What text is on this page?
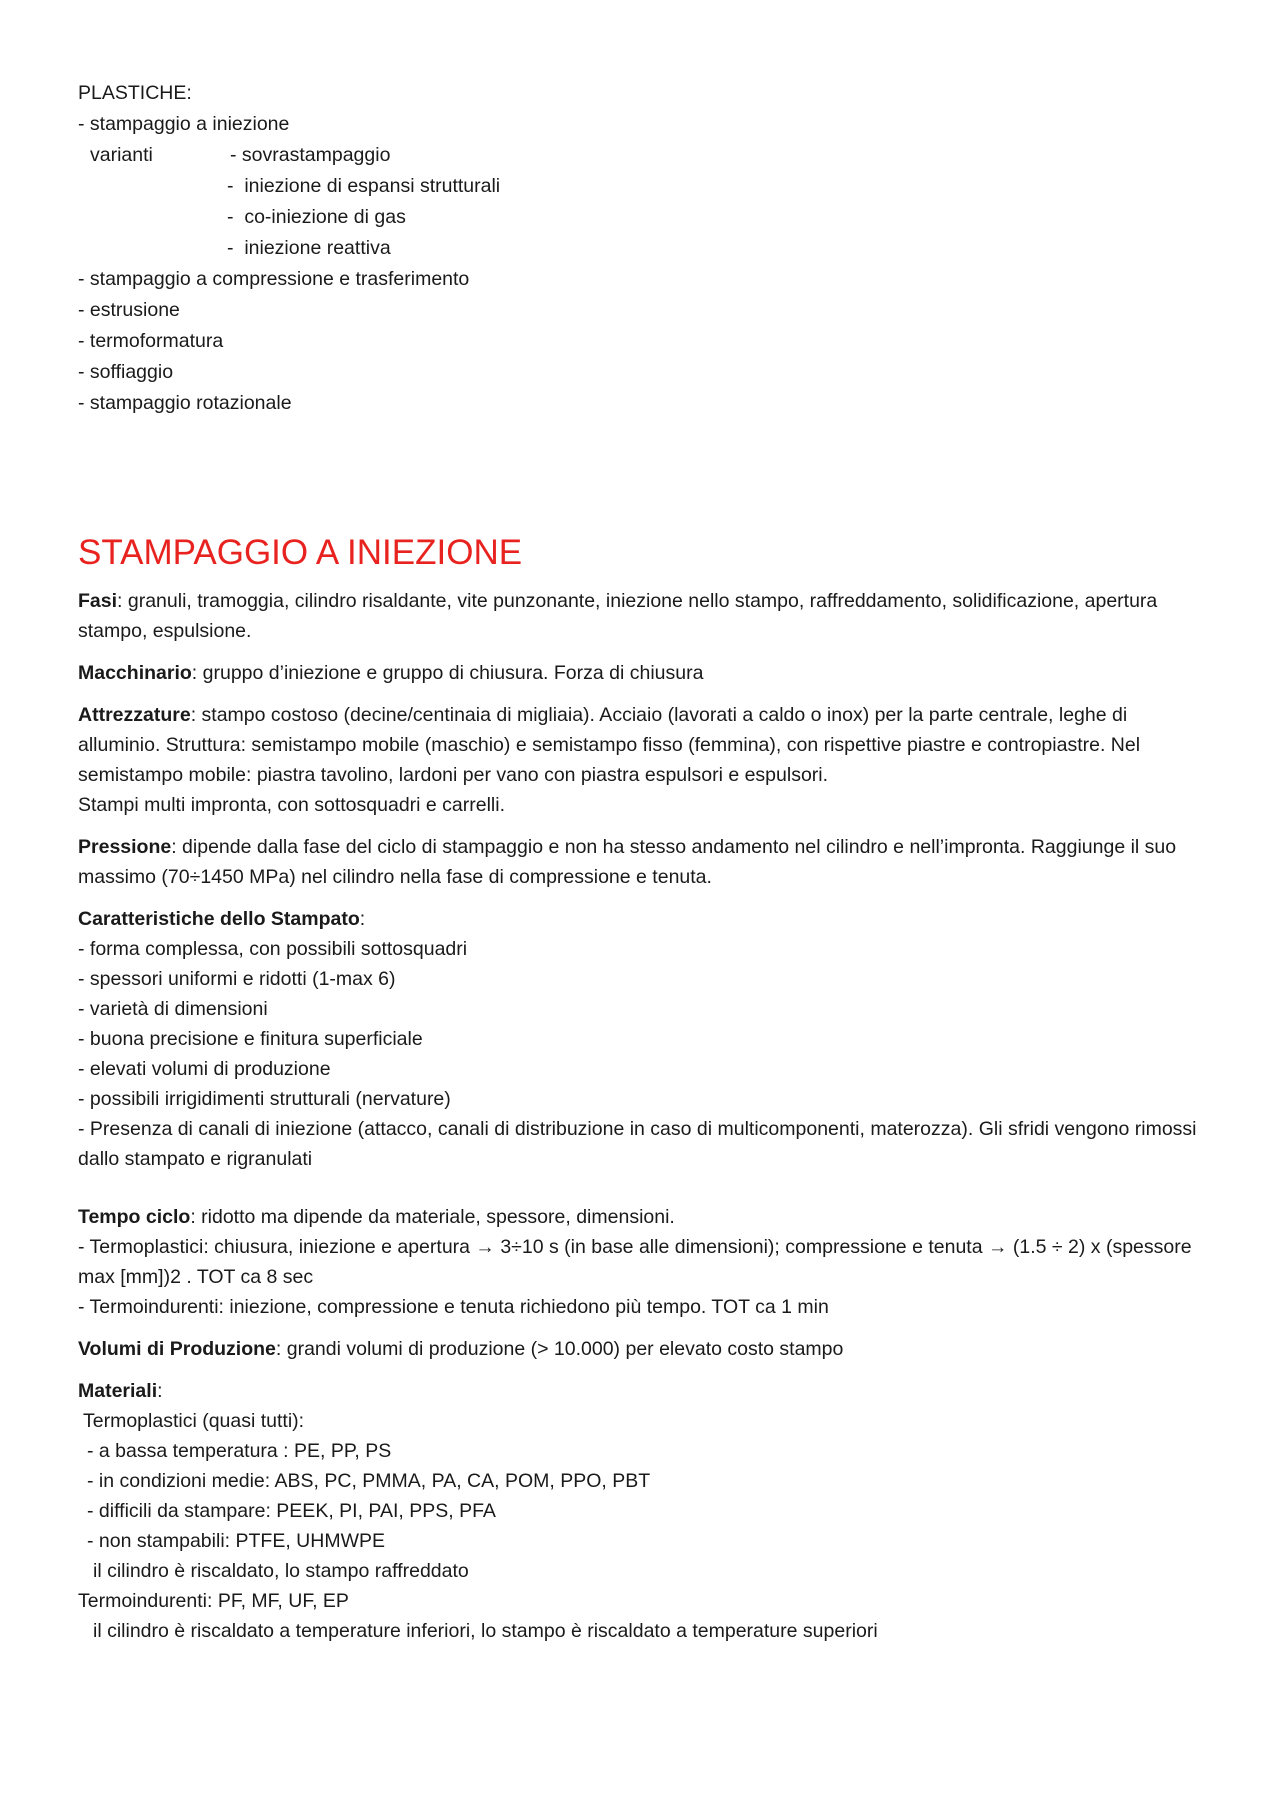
PLASTICHE:
- stampaggio a iniezione
varianti	- sovrastampaggio
-  iniezione di espansi strutturali
-  co-iniezione di gas
-  iniezione reattiva
- stampaggio a compressione e trasferimento
- estrusione
- termoformatura
- soffiaggio
- stampaggio rotazionale
STAMPAGGIO A INIEZIONE

Fasi: granuli, tramoggia, cilindro risaldante, vite punzonante, iniezione nello stampo, raffreddamento, solidificazione, apertura stampo, espulsione.

Macchinario: gruppo d’iniezione e gruppo di chiusura. Forza di chiusura

Attrezzature: stampo costoso (decine/centinaia di migliaia). Acciaio (lavorati a caldo o inox) per la parte centrale, leghe di alluminio. Struttura: semistampo mobile (maschio) e semistampo fisso (femmina), con rispettive piastre e contropiastre. Nel semistampo mobile: piastra tavolino, lardoni per vano con piastra espulsori e espulsori.

Stampi multi impronta, con sottosquadri e carrelli.

Pressione: dipende dalla fase del ciclo di stampaggio e non ha stesso andamento nel cilindro e nell’impronta. Raggiunge il suo massimo (70÷1450 MPa) nel cilindro nella fase di compressione e tenuta.

Caratteristiche dello Stampato:

- forma complessa, con possibili sottosquadri

- spessori uniformi e ridotti (1-max 6)

- varietà di dimensioni

- buona precisione e finitura superficiale

- elevati volumi di produzione

- possibili irrigidimenti strutturali (nervature)

- Presenza di canali di iniezione (attacco, canali di distribuzione in caso di multicomponenti, materozza). Gli sfridi vengono rimossi dallo stampato e rigranulati

Tempo ciclo: ridotto ma dipende da materiale, spessore, dimensioni.

- Termoplastici: chiusura, iniezione e apertura → 3÷10 s (in base alle dimensioni); compressione e tenuta → (1.5 ÷ 2) x (spessore max [mm])2 . TOT ca 8 sec

- Termoindurenti: iniezione, compressione e tenuta richiedono più tempo. TOT ca 1 min

Volumi di Produzione: grandi volumi di produzione (> 10.000) per elevato costo stampo

Materiali:

Termoplastici (quasi tutti):

- a bassa temperatura : PE, PP, PS

- in condizioni medie: ABS, PC, PMMA, PA, CA, POM, PPO, PBT

- difficili da stampare: PEEK, PI, PAI, PPS, PFA

- non stampabili: PTFE, UHMWPE

il cilindro è riscaldato, lo stampo raffreddato

Termoindurenti: PF, MF, UF, EP

il cilindro è riscaldato a temperature inferiori, lo stampo è riscaldato a temperature superiori
